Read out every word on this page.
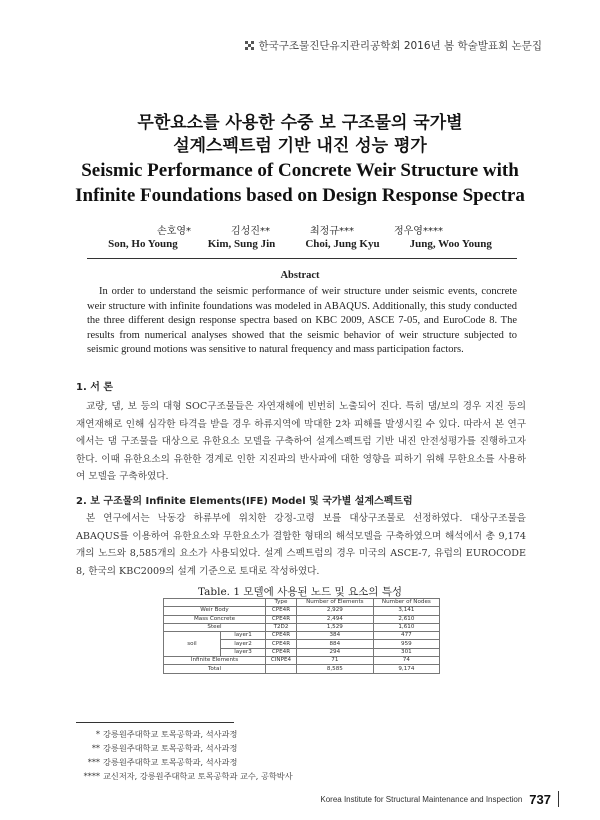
한국구조물진단유지관리공학회 2016년 봄 학술발표회 논문집
무한요소를 사용한 수중 보 구조물의 국가별
설계스펙트럼 기반 내진 성능 평가
Seismic Performance of Concrete Weir Structure with
Infinite Foundations based on Design Response Spectra
손호영*	김성진**	최정규***	정우영****
Son, Ho Young	Kim, Sung Jin	Choi, Jung Kyu	Jung, Woo Young
Abstract

In order to understand the seismic performance of weir structure under seismic events, concrete weir structure with infinite foundations was modeled in ABAQUS. Additionally, this study conducted the three different design response spectra based on KBC 2009, ASCE 7-05, and EuroCode 8. The results from numerical analyses showed that the seismic behavior of weir structure subjected to seismic ground motions was sensitive to natural frequency and mass participation factors.

1. 서 론

교량, 댐, 보 등의 대형 SOC구조물들은 자연재해에 빈번히 노출되어 진다. 특히 댐/보의 경우 지진 등의 재연재해로 인해 심각한 타격을 받을 경우 하류지역에 막대한 2차 피해를 발생시킬 수 있다. 따라서 본 연구에서는 댐 구조물을 대상으로 유한요소 모델을 구축하여 설계스펙트럼 기반 내진 안전성평가를 진행하고자 한다. 이때 유한요소의 유한한 경계로 인한 지진파의 반사파에 대한 영향을 피하기 위해 무한요소를 사용하여 모델을 구축하였다.

2. 보 구조물의 Infinite Elements(IFE) Model 및 국가별 설계스펙트럼

본 연구에서는 낙동강 하류부에 위치한 강정-고령 보를 대상구조물로 선정하였다. 대상구조물을 ABAQUS를 이용하여 유한요소와 무한요소가 결합한 형태의 해석모델을 구축하였으며 해석에서 총 9,174개의 노드와 8,585개의 요소가 사용되었다. 설계 스펙트럼의 경우 미국의 ASCE-7, 유럽의 EUROCODE 8, 한국의 KBC2009의 설계 기준으로 토대로 작성하였다.

Table. 1 모델에 사용된 노드 및 요소의 특성
		Type	Number of Elements	Number of Nodes
Weir Body		CPE4R	2,929	3,141
Mass Concrete		CPE4R	2,494	2,610
Steel		T2D2	1,529	1,610
soil	layer1	CPE4R	384	477
	layer2	CPE4R	884	959
	layer3	CPE4R	294	301
Infinite Elements		CINPE4	71	74
Total			8,585	9,174
* 강릉원주대학교 토목공학과, 석사과정
** 강릉원주대학교 토목공학과, 석사과정
*** 강릉원주대학교 토목공학과, 석사과정
**** 교신저자, 강릉원주대학교 토목공학과 교수, 공학박사
Korea Institute for Structural Maintenance and Inspection 737
